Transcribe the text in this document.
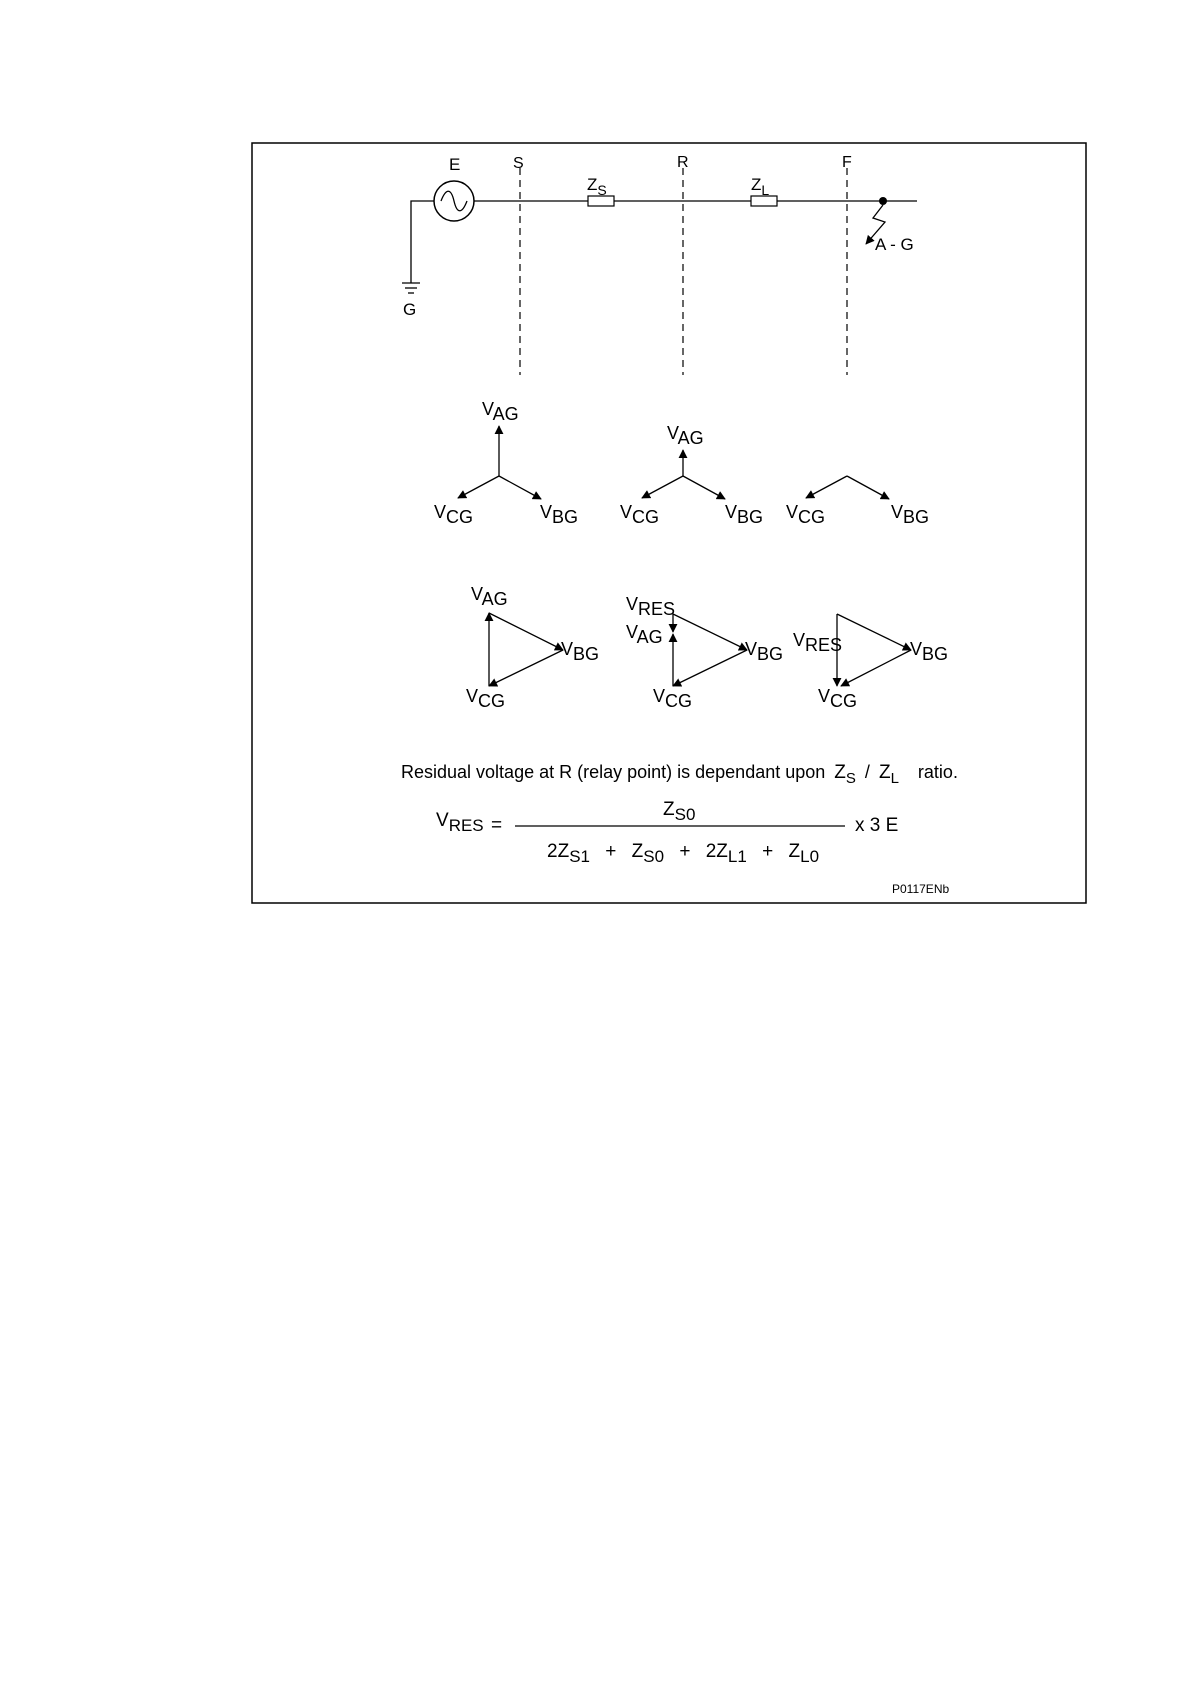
G
E
$Z_S$	$Z_L$
S	R	F
A - G
VAG
VCG	VBG
VAG
VCG	VBG VCG	VBG
VAG
VBG
VCG
VRES
VAG
VBG
VCG
VRES	VBG
VCG
Residual voltage at R (relay point) is dependant upon $Z_S / Z_L$ ratio.
VRES =
ZS0
2ZS1 + ZS0 + 2ZL1 + ZL0
x 3 E
P0117ENb
